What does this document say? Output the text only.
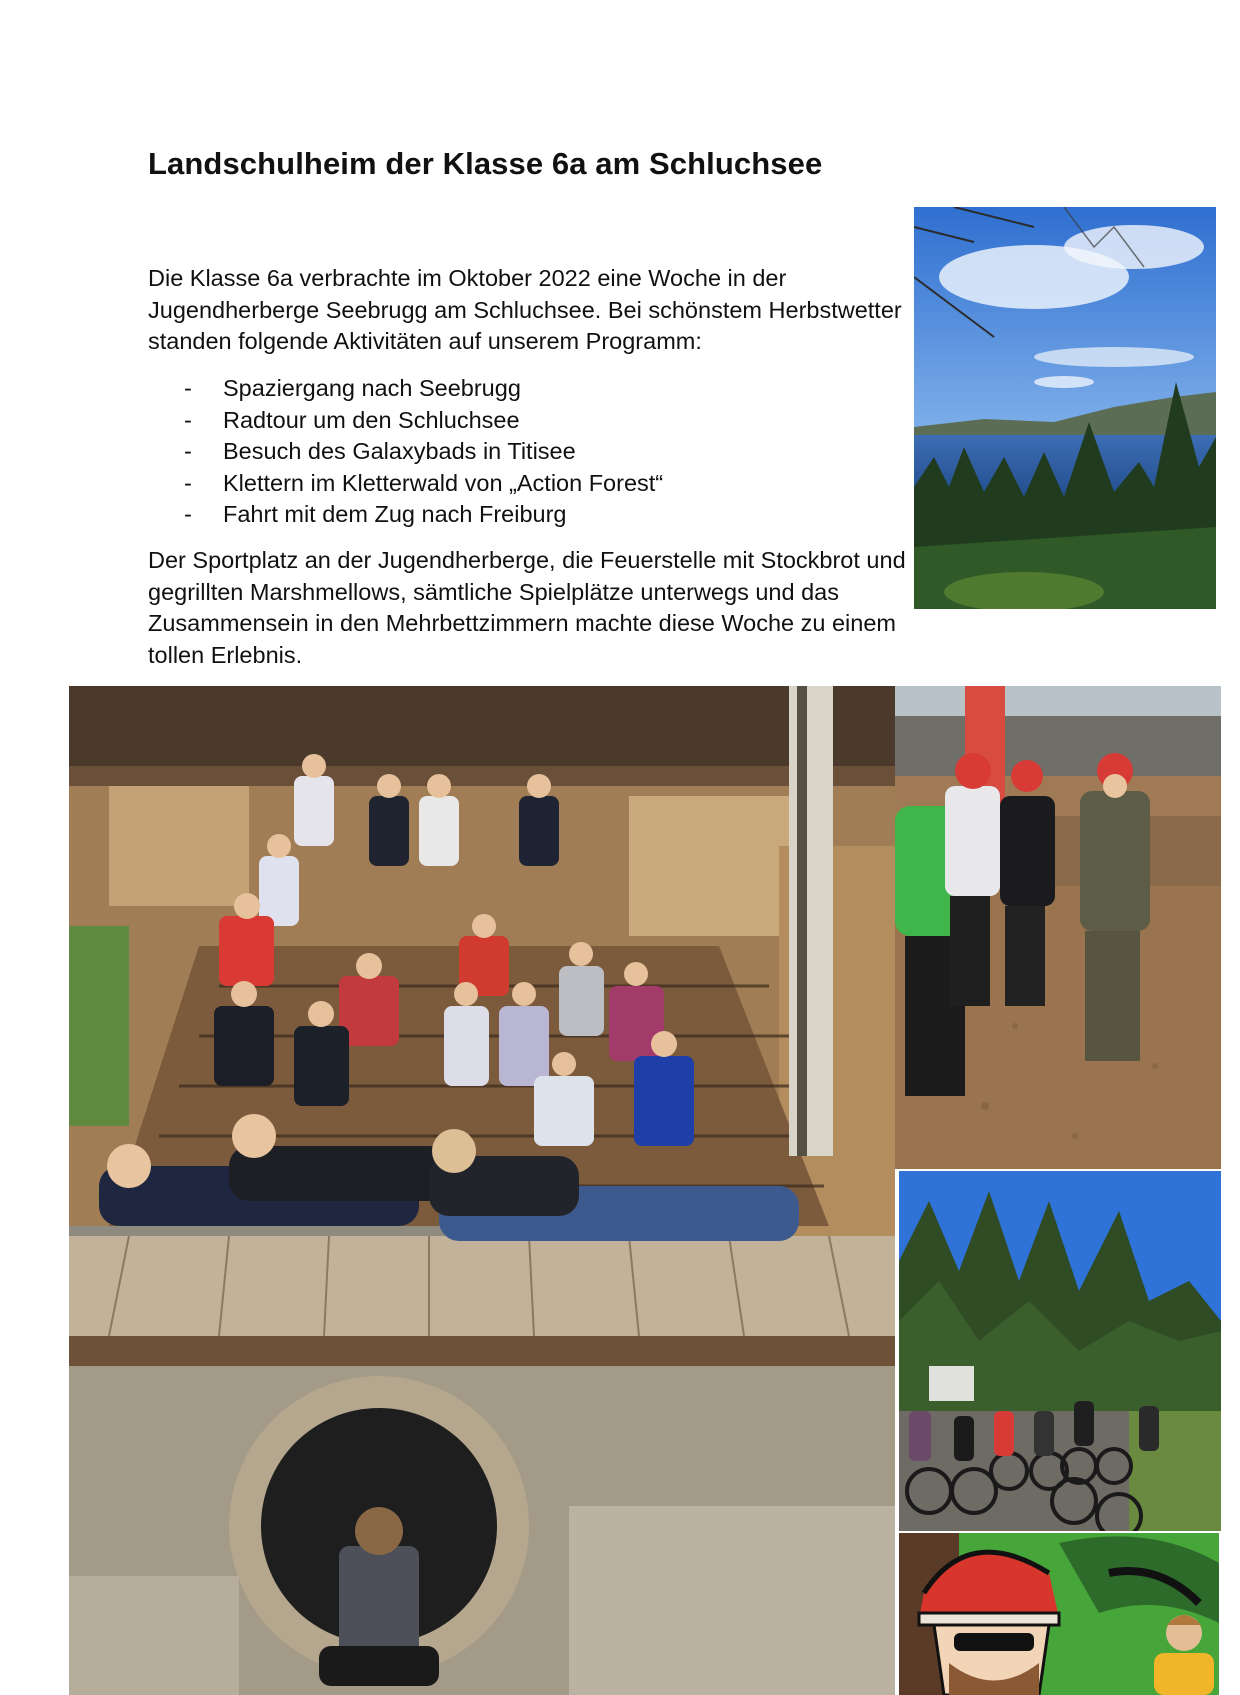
Landschulheim der Klasse 6a am Schluchsee

Die Klasse 6a verbrachte im Oktober 2022 eine Woche in der Jugendherberge Seebrugg am Schluchsee. Bei schönstem Herbstwetter standen folgende Aktivitäten auf unserem Programm:

- Spaziergang nach Seebrugg
- Radtour um den Schluchsee
- Besuch des Galaxybads in Titisee
- Klettern im Kletterwald von „Action Forest“
- Fahrt mit dem Zug nach Freiburg

Der Sportplatz an der Jugendherberge, die Feuerstelle mit Stockbrot und gegrillten Marshmellows, sämtliche Spielplätze unterwegs und das Zusammensein in den Mehrbettzimmern machte diese Woche zu einem tollen Erlebnis.
